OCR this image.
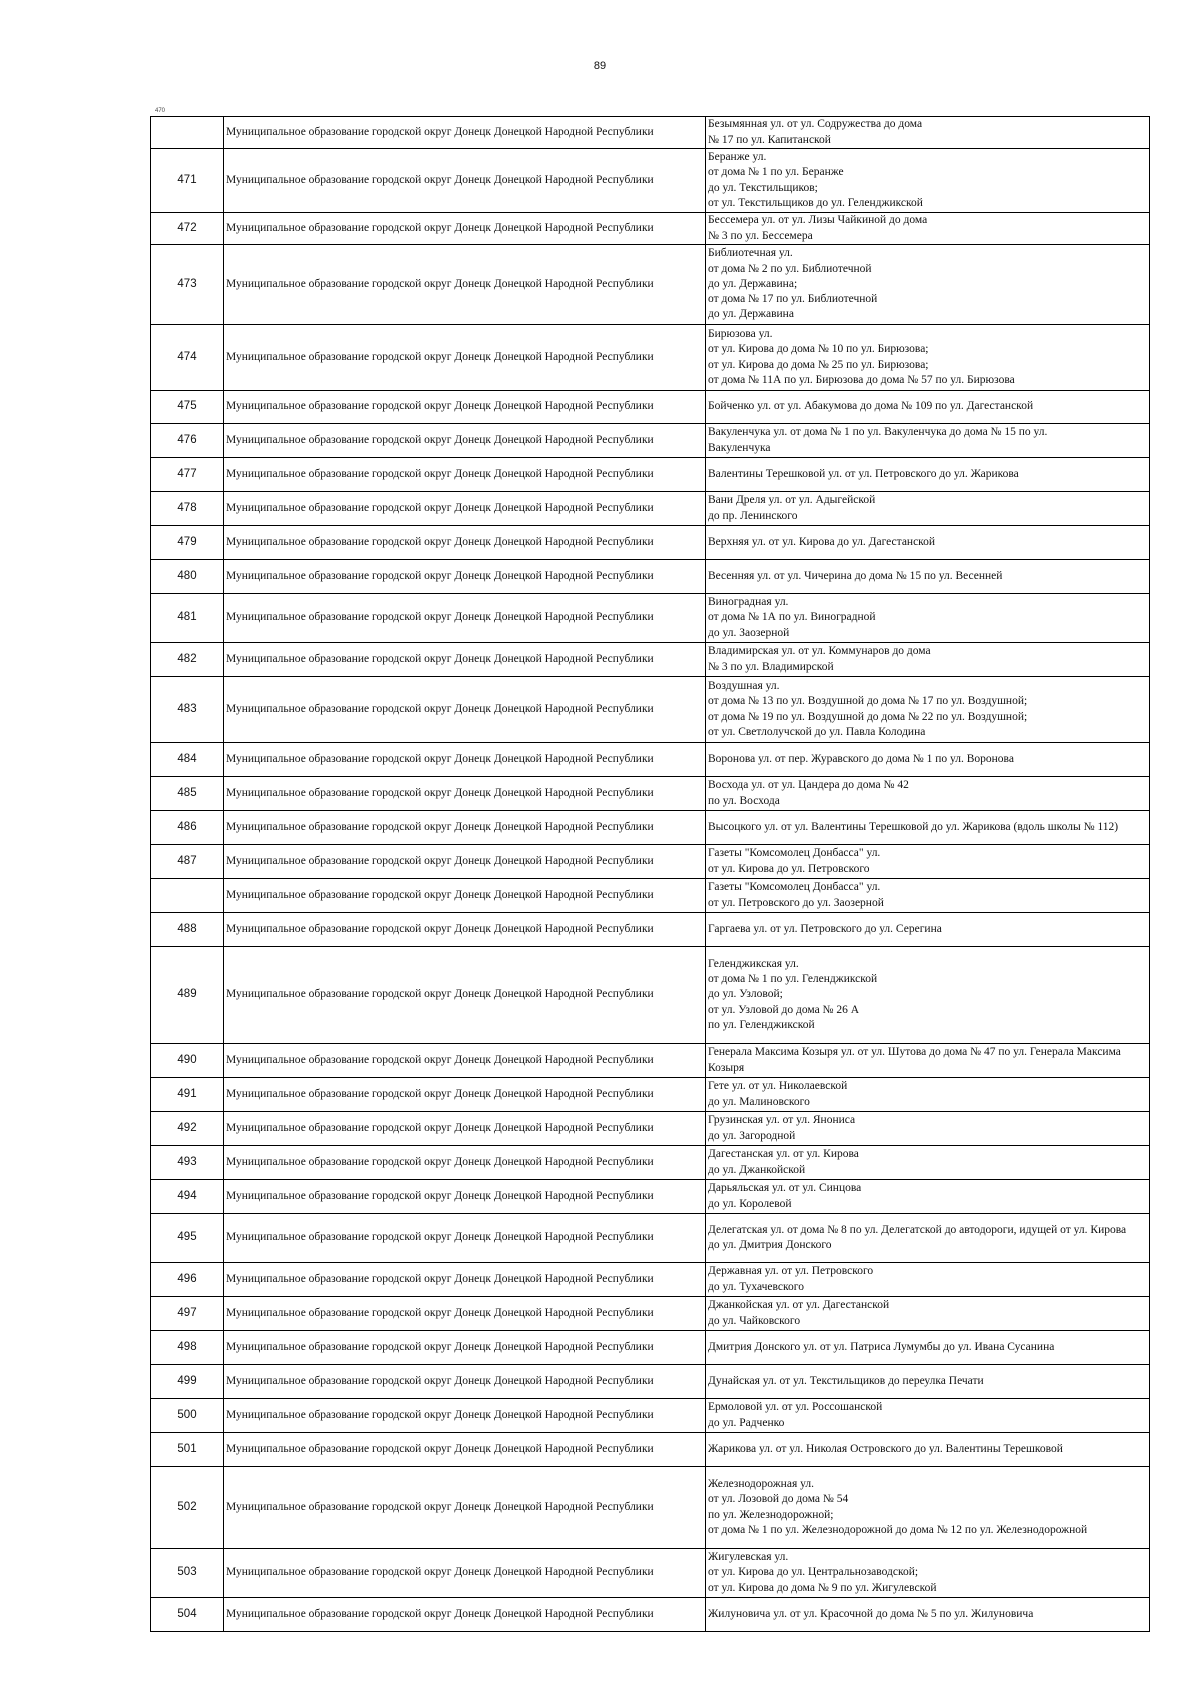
89
470
	Муниципальное образование городской округ Донецк Донецкой Народной Республики	Безымянная ул. от ул. Содружества до дома
№ 17 по ул. Капитанской
471	Муниципальное образование городской округ Донецк Донецкой Народной Республики	Беранже ул.
от дома № 1 по ул. Беранже
до ул. Текстильщиков;
от ул. Текстильщиков до ул. Геленджикской
472	Муниципальное образование городской округ Донецк Донецкой Народной Республики	Бессемера ул. от ул. Лизы Чайкиной до дома
№ 3 по ул. Бессемера
473	Муниципальное образование городской округ Донецк Донецкой Народной Республики	Библиотечная ул.
от дома № 2 по ул. Библиотечной
до ул. Державина;
от дома № 17 по ул. Библиотечной
до ул. Державина
474	Муниципальное образование городской округ Донецк Донецкой Народной Республики	Бирюзова ул.
от ул. Кирова до дома № 10 по ул. Бирюзова;
от ул. Кирова до дома № 25 по ул. Бирюзова;
от дома № 11А по ул. Бирюзова до дома № 57 по ул. Бирюзова
475	Муниципальное образование городской округ Донецк Донецкой Народной Республики	Бойченко ул. от ул. Абакумова до дома № 109 по ул. Дагестанской
476	Муниципальное образование городской округ Донецк Донецкой Народной Республики	Вакуленчука ул. от дома № 1 по ул. Вакуленчука до дома № 15 по ул.
Вакуленчука
477	Муниципальное образование городской округ Донецк Донецкой Народной Республики	Валентины Терешковой ул. от ул. Петровского до ул. Жарикова
478	Муниципальное образование городской округ Донецк Донецкой Народной Республики	Вани Дреля ул. от ул. Адыгейской
до пр. Ленинского
479	Муниципальное образование городской округ Донецк Донецкой Народной Республики	Верхняя ул. от ул. Кирова до ул. Дагестанской
480	Муниципальное образование городской округ Донецк Донецкой Народной Республики	Весенняя ул. от ул. Чичерина до дома № 15 по ул. Весенней
481	Муниципальное образование городской округ Донецк Донецкой Народной Республики	Виноградная ул.
от дома № 1А по ул. Виноградной
до ул. Заозерной
482	Муниципальное образование городской округ Донецк Донецкой Народной Республики	Владимирская ул. от ул. Коммунаров до дома
№ 3 по ул. Владимирской
483	Муниципальное образование городской округ Донецк Донецкой Народной Республики	Воздушная ул.
от дома № 13 по ул. Воздушной до дома № 17 по ул. Воздушной;
от дома № 19 по ул. Воздушной до дома № 22 по ул. Воздушной;
от ул. Светлолучской до ул. Павла Колодина
484	Муниципальное образование городской округ Донецк Донецкой Народной Республики	Воронова ул. от пер. Журавского до дома № 1 по ул. Воронова
485	Муниципальное образование городской округ Донецк Донецкой Народной Республики	Восхода ул. от ул. Цандера до дома № 42
по ул. Восхода
486	Муниципальное образование городской округ Донецк Донецкой Народной Республики	Высоцкого ул. от ул. Валентины Терешковой до ул. Жарикова (вдоль школы № 112)
487	Муниципальное образование городской округ Донецк Донецкой Народной Республики	Газеты "Комсомолец Донбасса" ул.
от ул. Кирова до ул. Петровского
	Муниципальное образование городской округ Донецк Донецкой Народной Республики	Газеты "Комсомолец Донбасса" ул.
от ул. Петровского до ул. Заозерной
488	Муниципальное образование городской округ Донецк Донецкой Народной Республики	Гаргаева ул. от ул. Петровского до ул. Серегина
489	Муниципальное образование городской округ Донецк Донецкой Народной Республики	Геленджикская ул.
от дома № 1 по ул. Геленджикской
до ул. Узловой;
от ул. Узловой до дома № 26 А
по ул. Геленджикской
490	Муниципальное образование городской округ Донецк Донецкой Народной Республики	Генерала Максима Козыря ул. от ул. Шутова до дома № 47 по ул. Генерала Максима Козыря
491	Муниципальное образование городской округ Донецк Донецкой Народной Республики	Гете ул. от ул. Николаевской
до ул. Малиновского
492	Муниципальное образование городской округ Донецк Донецкой Народной Республики	Грузинская ул. от ул. Янониса
до ул. Загородной
493	Муниципальное образование городской округ Донецк Донецкой Народной Республики	Дагестанская ул. от ул. Кирова
до ул. Джанкойской
494	Муниципальное образование городской округ Донецк Донецкой Народной Республики	Дарьяльская ул. от ул. Синцова
до ул. Королевой
495	Муниципальное образование городской округ Донецк Донецкой Народной Республики	Делегатская ул. от дома № 8 по ул. Делегатской до автодороги, идущей от ул. Кирова
до ул. Дмитрия Донского
496	Муниципальное образование городской округ Донецк Донецкой Народной Республики	Державная ул. от ул. Петровского
до ул. Тухачевского
497	Муниципальное образование городской округ Донецк Донецкой Народной Республики	Джанкойская ул. от ул. Дагестанской
до ул. Чайковского
498	Муниципальное образование городской округ Донецк Донецкой Народной Республики	Дмитрия Донского ул. от ул. Патриса Лумумбы до ул. Ивана Сусанина
499	Муниципальное образование городской округ Донецк Донецкой Народной Республики	Дунайская ул. от ул. Текстильщиков до переулка Печати
500	Муниципальное образование городской округ Донецк Донецкой Народной Республики	Ермоловой ул. от ул. Россошанской
до ул. Радченко
501	Муниципальное образование городской округ Донецк Донецкой Народной Республики	Жарикова ул. от ул. Николая Островского до ул. Валентины Терешковой
502	Муниципальное образование городской округ Донецк Донецкой Народной Республики	Железнодорожная ул.
от ул. Лозовой до дома № 54
по ул. Железнодорожной;
от дома № 1 по ул. Железнодорожной до дома № 12 по ул. Железнодорожной
503	Муниципальное образование городской округ Донецк Донецкой Народной Республики	Жигулевская ул.
от ул. Кирова до ул. Центральнозаводской;
от ул. Кирова до дома № 9 по ул. Жигулевской
504	Муниципальное образование городской округ Донецк Донецкой Народной Республики	Жилуновича ул. от ул. Красочной до дома № 5 по ул. Жилуновича
